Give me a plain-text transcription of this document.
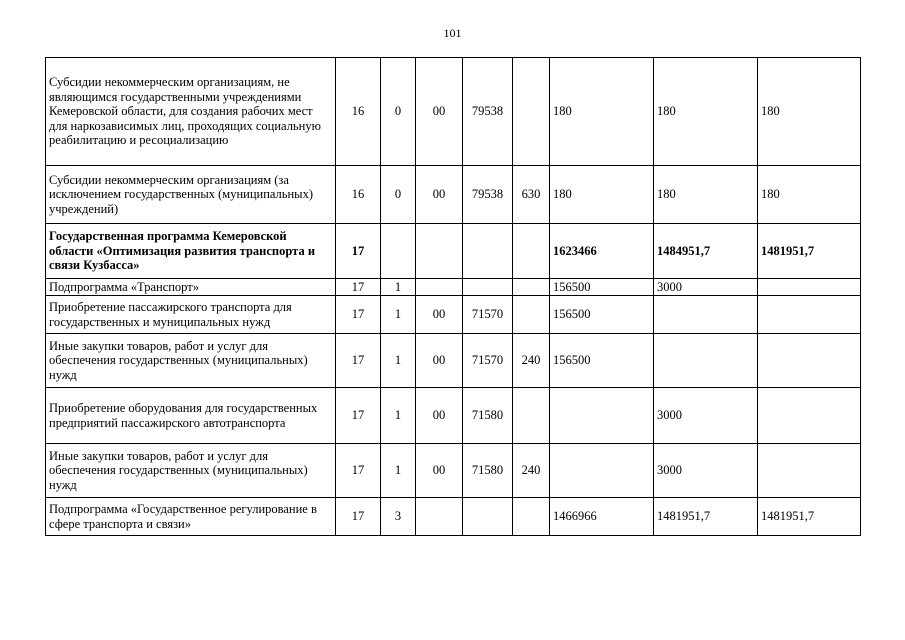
101
Субсидии некоммерческим организациям, не являющимся государственными учреждениями Кемеровской области, для создания рабочих мест для наркозависимых лиц, проходящих социальную реабилитацию и ресоциализацию	16	0	00	79538		180	180	180
Субсидии некоммерческим организациям (за исключением государственных (муниципальных) учреждений)	16	0	00	79538	630	180	180	180
Государственная программа Кемеровской области «Оптимизация развития транспорта и связи Кузбасса»	17					1623466	1484951,7	1481951,7
Подпрограмма «Транспорт»	17	1				156500	3000	
Приобретение пассажирского транспорта для государственных и муниципальных нужд	17	1	00	71570		156500		
Иные закупки товаров, работ и услуг для обеспечения государственных (муниципальных) нужд	17	1	00	71570	240	156500		
Приобретение оборудования для государственных предприятий пассажирского автотранспорта	17	1	00	71580			3000	
Иные закупки товаров, работ и услуг для обеспечения государственных (муниципальных) нужд	17	1	00	71580	240		3000	
Подпрограмма «Государственное регулирование в сфере транспорта и связи»	17	3				1466966	1481951,7	1481951,7
